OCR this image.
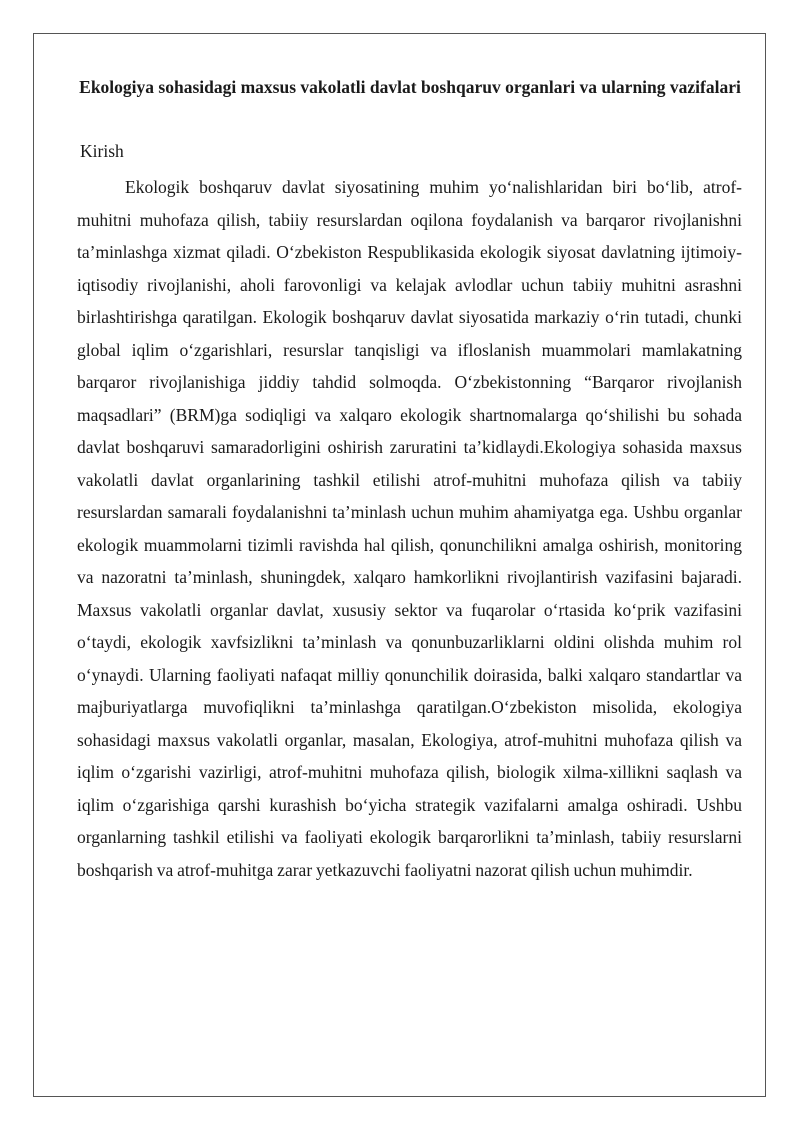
Ekologiya sohasidagi maxsus vakolatli davlat boshqaruv organlari va ularning vazifalari
Kirish

Ekologik boshqaruv davlat siyosatining muhim yo‘nalishlaridan biri bo‘lib, atrof-muhitni muhofaza qilish, tabiiy resurslardan oqilona foydalanish va barqaror rivojlanishni ta’minlashga xizmat qiladi. O‘zbekiston Respublikasida ekologik siyosat davlatning ijtimoiy-iqtisodiy rivojlanishi, aholi farovonligi va kelajak avlodlar uchun tabiiy muhitni asrashni birlashtirishga qaratilgan. Ekologik boshqaruv davlat siyosatida markaziy o‘rin tutadi, chunki global iqlim o‘zgarishlari, resurslar tanqisligi va ifloslanish muammolari mamlakatning barqaror rivojlanishiga jiddiy tahdid solmoqda. O‘zbekistonning “Barqaror rivojlanish maqsadlari” (BRM)ga sodiqligi va xalqaro ekologik shartnomalarga qo‘shilishi bu sohada davlat boshqaruvi samaradorligini oshirish zaruratini ta’kidlaydi.Ekologiya sohasida maxsus vakolatli davlat organlarining tashkil etilishi atrof-muhitni muhofaza qilish va tabiiy resurslardan samarali foydalanishni ta’minlash uchun muhim ahamiyatga ega. Ushbu organlar ekologik muammolarni tizimli ravishda hal qilish, qonunchilikni amalga oshirish, monitoring va nazoratni ta’minlash, shuningdek, xalqaro hamkorlikni rivojlantirish vazifasini bajaradi. Maxsus vakolatli organlar davlat, xususiy sektor va fuqarolar o‘rtasida ko‘prik vazifasini o‘taydi, ekologik xavfsizlikni ta’minlash va qonunbuzarliklarni oldini olishda muhim rol o‘ynaydi. Ularning faoliyati nafaqat milliy qonunchilik doirasida, balki xalqaro standartlar va majburiyatlarga muvofiqlikni ta’minlashga qaratilgan.O‘zbekiston misolida, ekologiya sohasidagi maxsus vakolatli organlar, masalan, Ekologiya, atrof-muhitni muhofaza qilish va iqlim o‘zgarishi vazirligi, atrof-muhitni muhofaza qilish, biologik xilma-xillikni saqlash va iqlim o‘zgarishiga qarshi kurashish bo‘yicha strategik vazifalarni amalga oshiradi. Ushbu organlarning tashkil etilishi va faoliyati ekologik barqarorlikni ta’minlash, tabiiy resurslarni boshqarish va atrof-muhitga zarar yetkazuvchi faoliyatni nazorat qilish uchun muhimdir.
